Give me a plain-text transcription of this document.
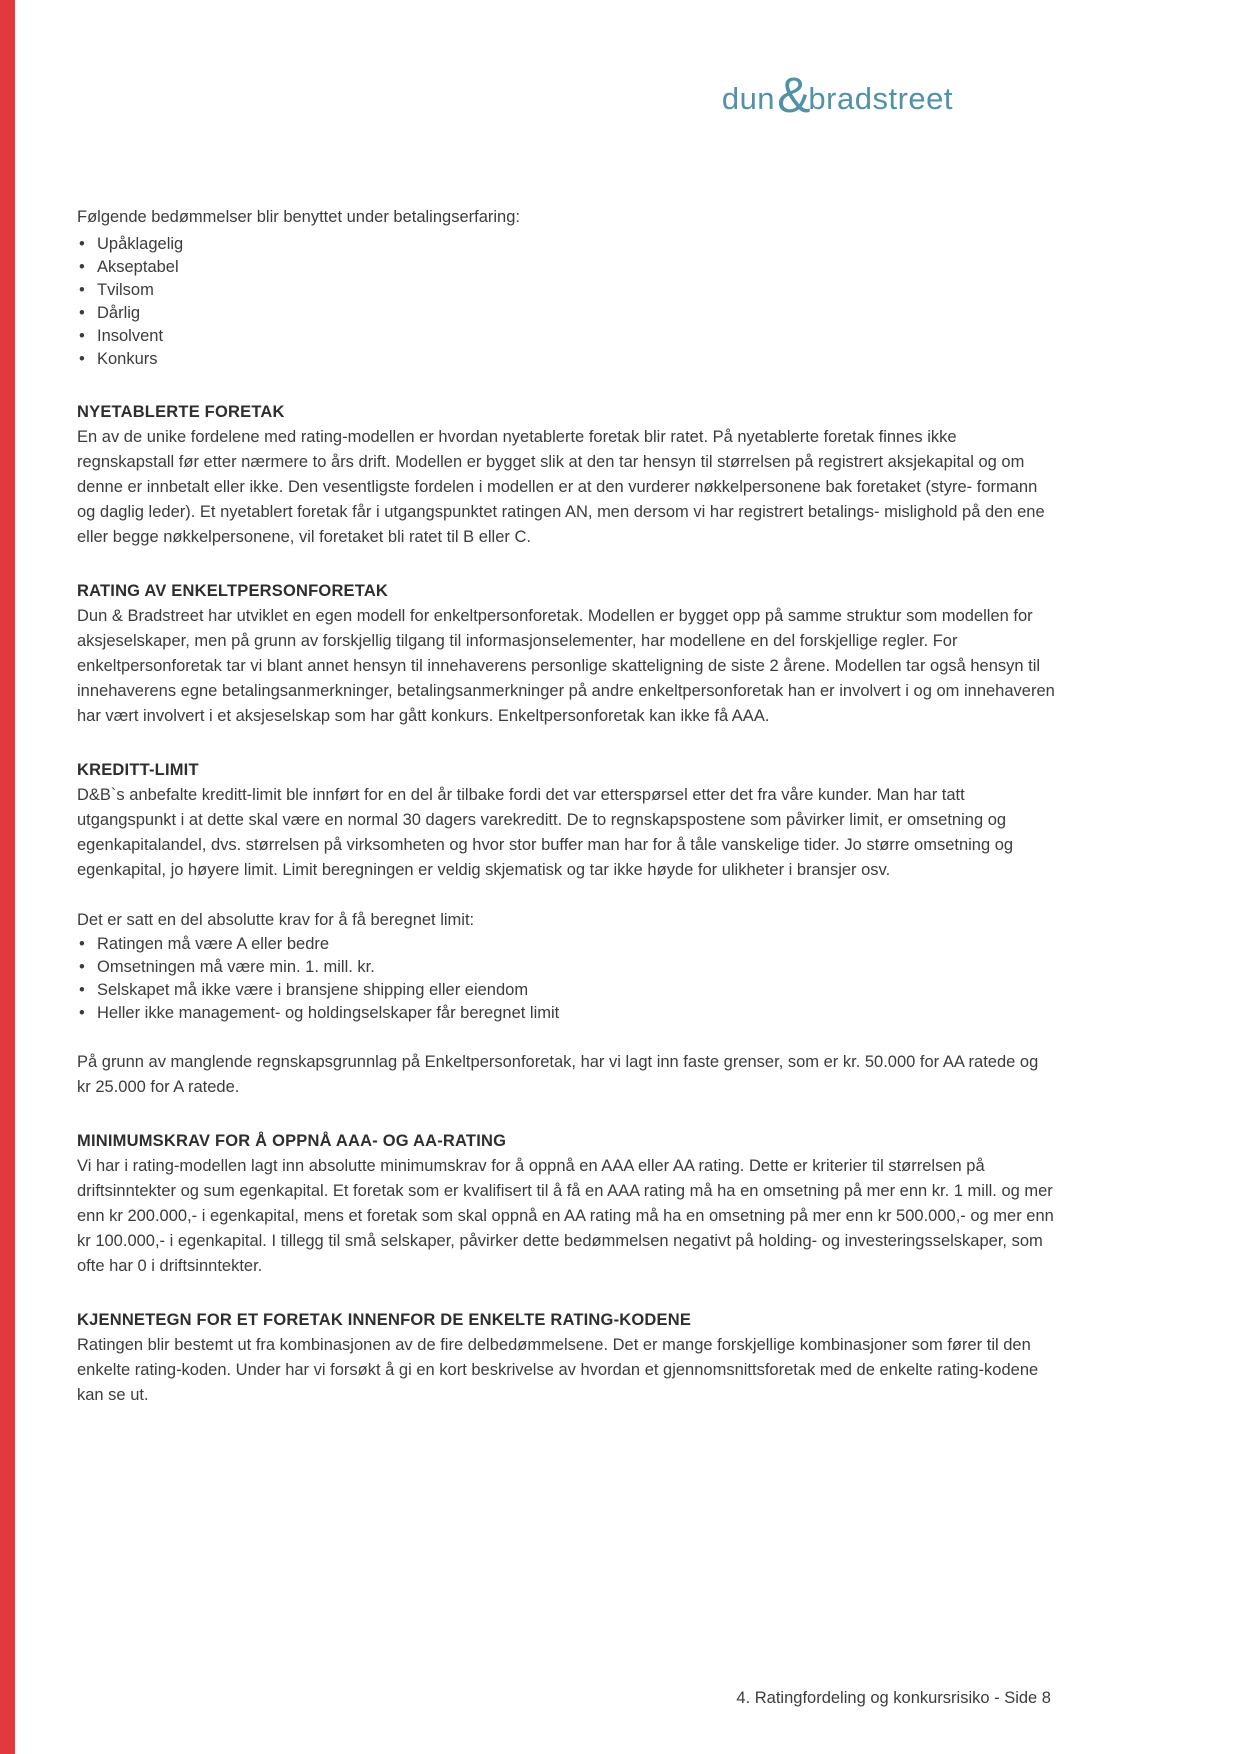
dun &
bradstreet

Følgende bedømmelser blir benyttet under betalingserfaring:

• Upåklagelig
• Akseptabel
• Tvilsom
• Dårlig
• Insolvent
• Konkurs
NYETABLERTE FORETAK

En av de unike fordelene med rating-modellen er hvordan nyetablerte foretak blir ratet. På nyetablerte foretak finnes ikke regnskapstall før etter nærmere to års drift. Modellen er bygget slik at den tar hensyn til størrelsen på registrert aksjekapital og om denne er innbetalt eller ikke. Den vesentligste fordelen i modellen er at den vurderer nøkkelpersonene bak foretaket (styre- formann og daglig leder). Et nyetablert foretak får i utgangspunktet ratingen AN, men dersom vi har registrert betalings- mislighold på den ene eller begge nøkkelpersonene, vil foretaket bli ratet til B eller C.

RATING AV ENKELTPERSONFORETAK

Dun & Bradstreet har utviklet en egen modell for enkeltpersonforetak. Modellen er bygget opp på samme struktur som modellen for aksjeselskaper, men på grunn av forskjellig tilgang til informasjonselementer, har modellene en del forskjellige regler. For enkeltpersonforetak tar vi blant annet hensyn til innehaverens personlige skatteligning de siste 2 årene. Modellen tar også hensyn til innehaverens egne betalingsanmerkninger, betalingsanmerkninger på andre enkeltpersonforetak han er involvert i og om innehaveren har vært involvert i et aksjeselskap som har gått konkurs. Enkeltpersonforetak kan ikke få AAA.

KREDITT-LIMIT

D&B`s anbefalte kreditt-limit ble innført for en del år tilbake fordi det var etterspørsel etter det fra våre kunder. Man har tatt utgangspunkt i at dette skal være en normal 30 dagers varekreditt. De to regnskapspostene som påvirker limit, er omsetning og egenkapitalandel, dvs. størrelsen på virksomheten og hvor stor buffer man har for å tåle vanskelige tider. Jo større omsetning og egenkapital, jo høyere limit. Limit beregningen er veldig skjematisk og tar ikke høyde for ulikheter i bransjer osv.

Det er satt en del absolutte krav for å få beregnet limit:

• Ratingen må være A eller bedre
• Omsetningen må være min. 1. mill. kr.
• Selskapet må ikke være i bransjene shipping eller eiendom
• Heller ikke management- og holdingselskaper får beregnet limit

På grunn av manglende regnskapsgrunnlag på Enkeltpersonforetak, har vi lagt inn faste grenser, som er kr. 50.000 for AA ratede og kr 25.000 for A ratede.

MINIMUMSKRAV FOR Å OPPNÅ AAA- OG AA-RATING

Vi har i rating-modellen lagt inn absolutte minimumskrav for å oppnå en AAA eller AA rating. Dette er kriterier til størrelsen på driftsinntekter og sum egenkapital. Et foretak som er kvalifisert til å få en AAA rating må ha en omsetning på mer enn kr. 1 mill. og mer enn kr 200.000,- i egenkapital, mens et foretak som skal oppnå en AA rating må ha en omsetning på mer enn kr 500.000,- og mer enn kr 100.000,- i egenkapital. I tillegg til små selskaper, påvirker dette bedømmelsen negativt på holding- og investeringsselskaper, som ofte har 0 i driftsinntekter.

KJENNETEGN FOR ET FORETAK INNENFOR DE ENKELTE RATING-KODENE

Ratingen blir bestemt ut fra kombinasjonen av de fire delbedømmelsene. Det er mange forskjellige kombinasjoner som fører til den enkelte rating-koden. Under har vi forsøkt å gi en kort beskrivelse av hvordan et gjennomsnittsforetak med de enkelte rating-kodene kan se ut.

4. Ratingfordeling og konkursrisiko - Side 8
